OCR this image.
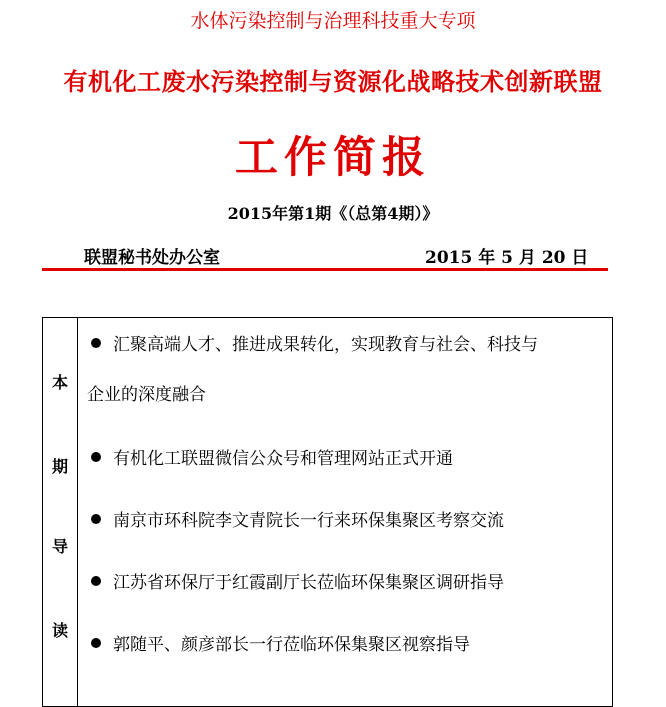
水体污染控制与治理科技重大专项
有机化工废水污染控制与资源化战略技术创新联盟
工作简报
2015年第1期《（总第4期）》
联盟秘书处办公室	2015 年 5 月 20 日
本
期
导
读
汇聚高端人才、推进成果转化，实现教育与社会、科技与
企业的深度融合
有机化工联盟微信公众号和管理网站正式开通
南京市环科院李文青院长一行来环保集聚区考察交流
江苏省环保厅于红霞副厅长莅临环保集聚区调研指导
郭随平、颜彦部长一行莅临环保集聚区视察指导
